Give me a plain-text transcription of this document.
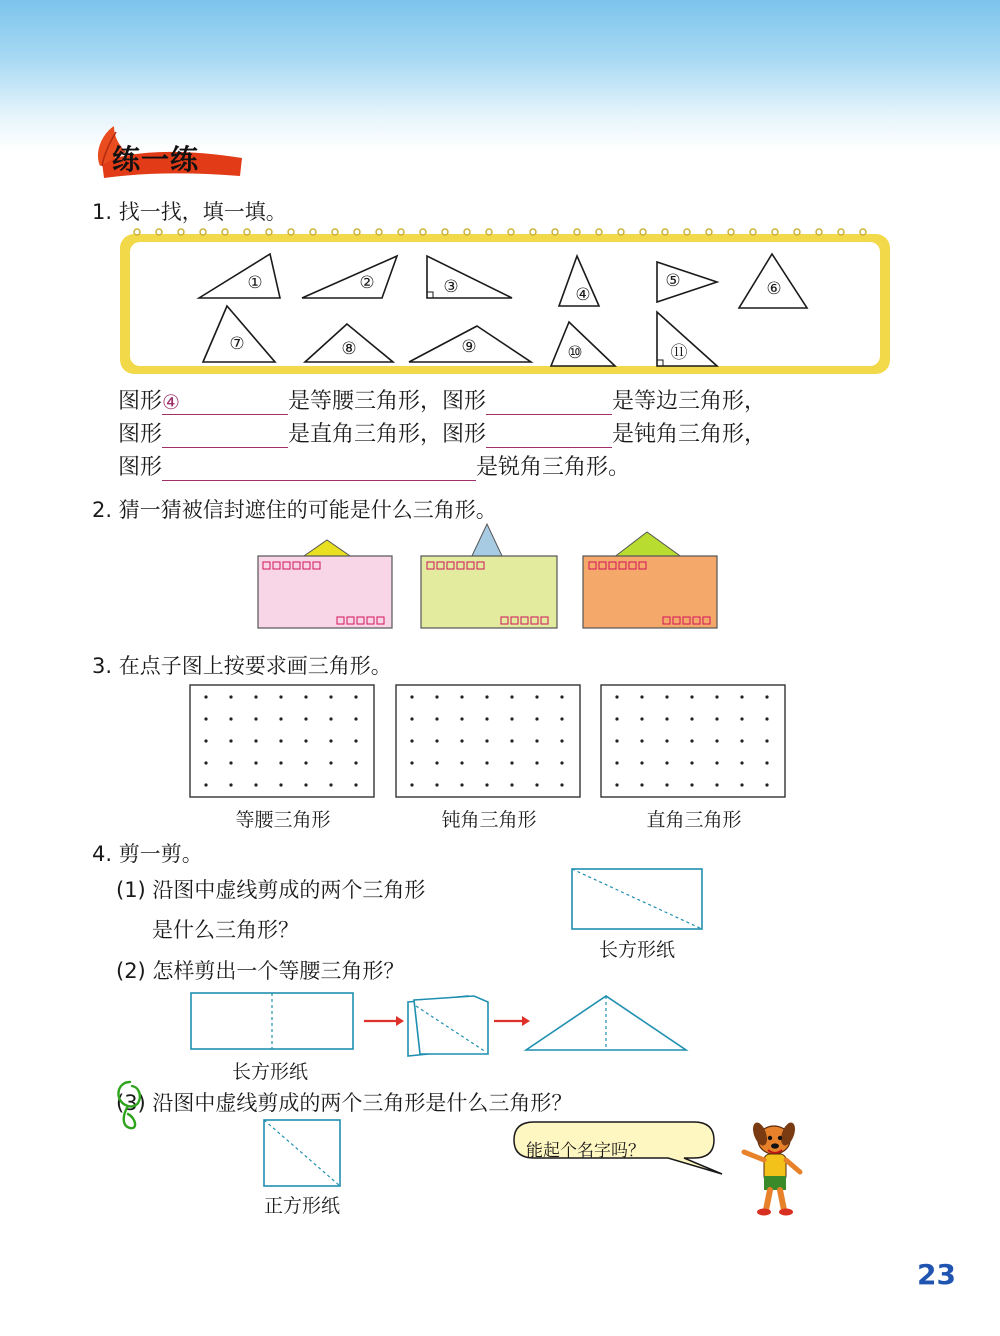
练一练
1. 找一找，填一填。
①	②	③	④
⑤	⑥
⑦	⑧	⑨	⑩	⑪
图形④	是等腰三角形，图形	是等边三角形，
图形	是直角三角形，图形	是钝角三角形，
图形	是锐角三角形。
2. 猜一猜被信封遮住的可能是什么三角形。
3. 在点子图上按要求画三角形。
等腰三角形	钝角三角形	直角三角形
4. 剪一剪。
(1) 沿图中虚线剪成的两个三角形
是什么三角形？
长方形纸
(2) 怎样剪出一个等腰三角形？
长方形纸
(3) 沿图中虚线剪成的两个三角形是什么三角形？
正方形纸
能起个名字吗？
23
